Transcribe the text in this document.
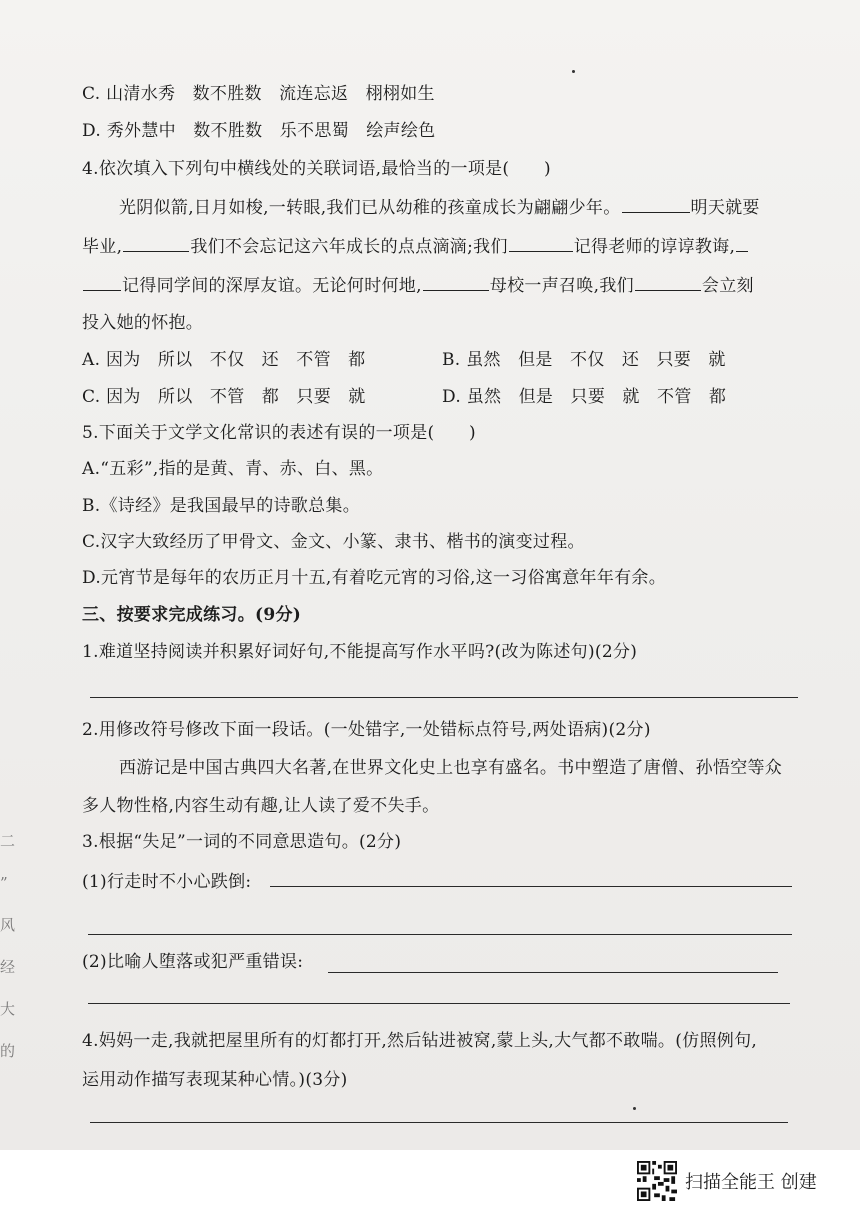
C. 山清水秀　数不胜数　流连忘返　栩栩如生
D. 秀外慧中　数不胜数　乐不思蜀　绘声绘色
4.依次填入下列句中横线处的关联词语,最恰当的一项是(　　)
光阴似箭,日月如梭,一转眼,我们已从幼稚的孩童成长为翩翩少年。	明天就要
毕业,	我们不会忘记这六年成长的点点滴滴;我们	记得老师的谆谆教诲,
记得同学间的深厚友谊。无论何时何地,	母校一声召唤,我们	会立刻
投入她的怀抱。
A. 因为　所以　不仅　还　不管　都	B. 虽然　但是　不仅　还　只要　就
C. 因为　所以　不管　都　只要　就	D. 虽然　但是　只要　就　不管　都
5.下面关于文学文化常识的表述有误的一项是(　　)
A.“五彩”,指的是黄、青、赤、白、黑。
B.《诗经》是我国最早的诗歌总集。
C.汉字大致经历了甲骨文、金文、小篆、隶书、楷书的演变过程。
D.元宵节是每年的农历正月十五,有着吃元宵的习俗,这一习俗寓意年年有余。
三、按要求完成练习。(9分)
1.难道坚持阅读并积累好词好句,不能提高写作水平吗?(改为陈述句)(2分)
2.用修改符号修改下面一段话。(一处错字,一处错标点符号,两处语病)(2分)
西游记是中国古典四大名著,在世界文化史上也享有盛名。书中塑造了唐僧、孙悟空等众
多人物性格,内容生动有趣,让人读了爱不失手。
3.根据“失足”一词的不同意思造句。(2分)
(1)行走时不小心跌倒:
(2)比喻人堕落或犯严重错误:
4.妈妈一走,我就把屋里所有的灯都打开,然后钻进被窝,蒙上头,大气都不敢喘。(仿照例句,
运用动作描写表现某种心情。)(3分)
二
”
风
经
大
的
扫描全能王 创建
